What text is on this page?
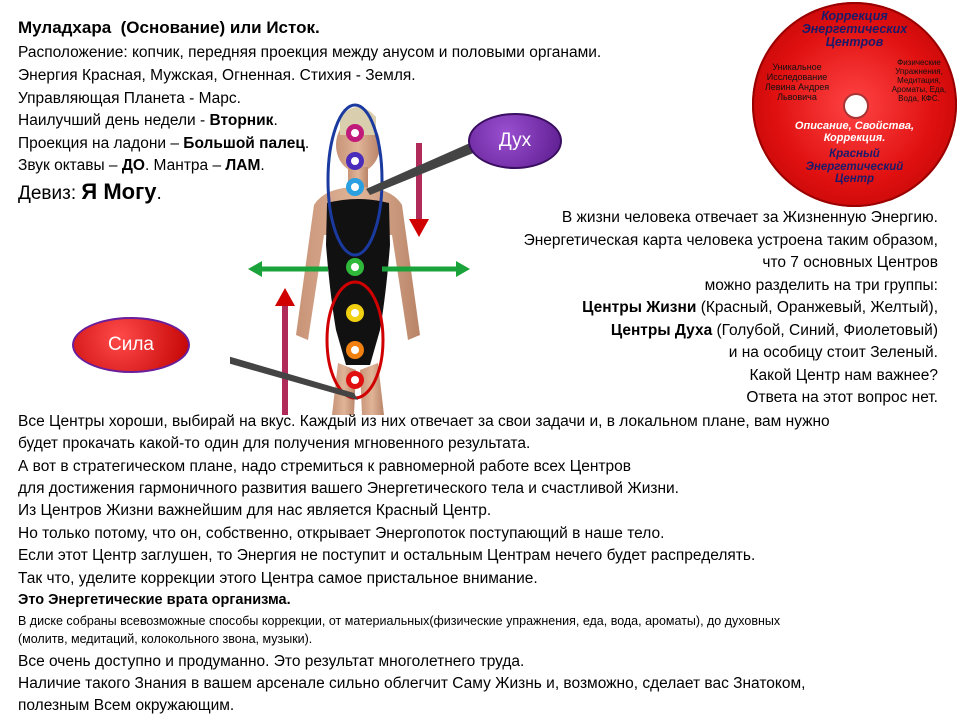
Муладхара (Основание) или Исток.
Расположение: копчик, передняя проекция между анусом и половыми органами.
Энергия Красная, Мужская, Огненная. Стихия - Земля.
Управляющая Планета - Марс.
Наилучший день недели - Вторник.
Проекция на ладони – Большой палец.
Звук октавы – ДО. Мантра – ЛАМ.
Девиз: Я Могу.
Дух
Сила
Коррекция Энергетических Центров
Уникальное Исследование Левина Андрея Львовича
Физические Упражнения, Медитация, Ароматы, Еда, Вода, КФС.
Описание, Свойства, Коррекция.
Красный Энергетический Центр
В жизни человека отвечает за Жизненную Энергию.
Энергетическая карта человека устроена таким образом,
что 7 основных Центров
можно разделить на три группы:
Центры Жизни (Красный, Оранжевый, Желтый),
Центры Духа (Голубой, Синий, Фиолетовый)
и на особицу стоит Зеленый.
Какой Центр нам важнее?
Ответа на этот вопрос нет.
Все Центры хороши, выбирай на вкус. Каждый из них отвечает за свои задачи и, в локальном плане, вам нужно
будет прокачать какой-то один для получения мгновенного результата.
А вот в стратегическом плане, надо стремиться к равномерной работе всех Центров
для достижения гармоничного развития вашего Энергетического тела и счастливой Жизни.
Из Центров Жизни важнейшим для нас является Красный Центр.
Но только потому, что он, собственно, открывает Энергопоток поступающий в наше тело.
Если этот Центр заглушен, то Энергия не поступит и остальным Центрам нечего будет распределять.
Так что, уделите коррекции этого Центра самое пристальное внимание.
Это Энергетические врата организма.
В диске собраны всевозможные способы коррекции, от материальных(физические упражнения, еда, вода, ароматы), до духовных
(молитв, медитаций, колокольного звона, музыки).
Все очень доступно и продуманно. Это результат многолетнего труда.
Наличие такого Знания в вашем арсенале сильно облегчит Саму Жизнь и, возможно, сделает вас Знатоком,
полезным Всем окружающим.
